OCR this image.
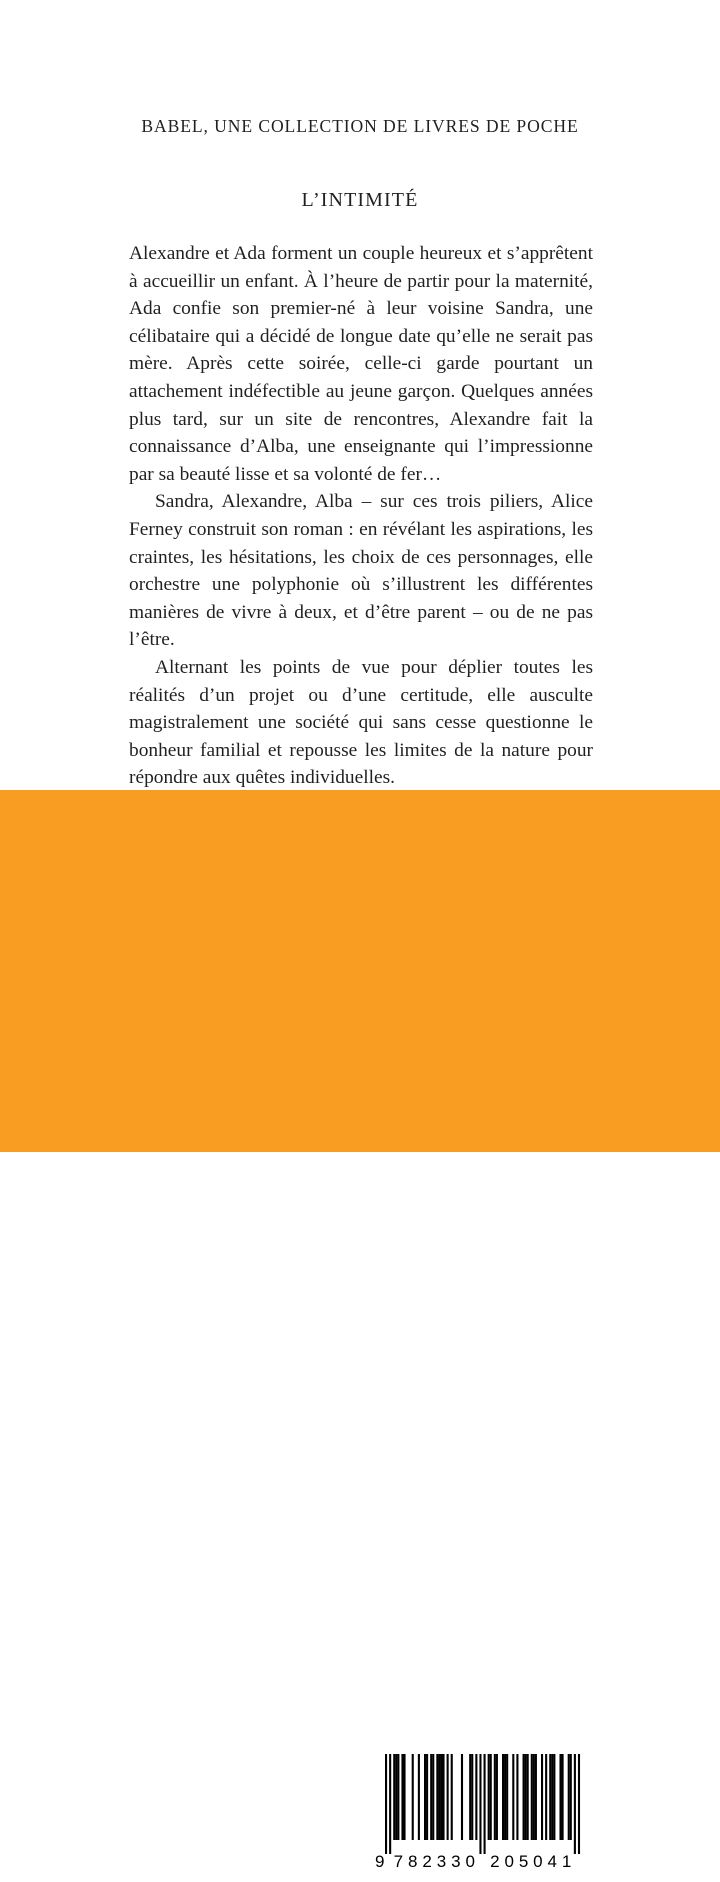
BABEL, UNE COLLECTION DE LIVRES DE POCHE
L’INTIMITÉ

Alexandre et Ada forment un couple heureux et s’apprêtent à accueillir un enfant. À l’heure de partir pour la maternité, Ada confie son premier-né à leur voisine Sandra, une célibataire qui a décidé de longue date qu’elle ne serait pas mère. Après cette soirée, celle-ci garde pourtant un attachement indéfectible au jeune garçon. Quelques années plus tard, sur un site de rencontres, Alexandre fait la connaissance d’Alba, une enseignante qui l’impressionne par sa beauté lisse et sa volonté de fer…

Sandra, Alexandre, Alba – sur ces trois piliers, Alice Ferney construit son roman : en révélant les aspirations, les craintes, les hésitations, les choix de ces personnages, elle orchestre une polyphonie où s’illustrent les différentes manières de vivre à deux, et d’être parent – ou de ne pas l’être.

Alternant les points de vue pour déplier toutes les réalités d’un projet ou d’une certitude, elle ausculte magistralement une société qui sans cesse questionne le bonheur familial et repousse les limites de la nature pour répondre aux quêtes individuelles.

L’Attachement
Un film de Carine Tardieu, avec Pio Marmaï, Valeria Bruni Tedeschi, Vimala Pons, Raphaël Quenard et César Botti.
Scénario de Carine Tardieu, Raphaële Moussafir et Agnès Feuvre.
BABEL
L’Intimité
ISBN 978-2-330-20504-1
Dép. lég. : mai 2022 (France)
9,70 € TTC France
www.actes-sud.fr
9 7 8 2 3 3 0 2 0 5 0 4 1
